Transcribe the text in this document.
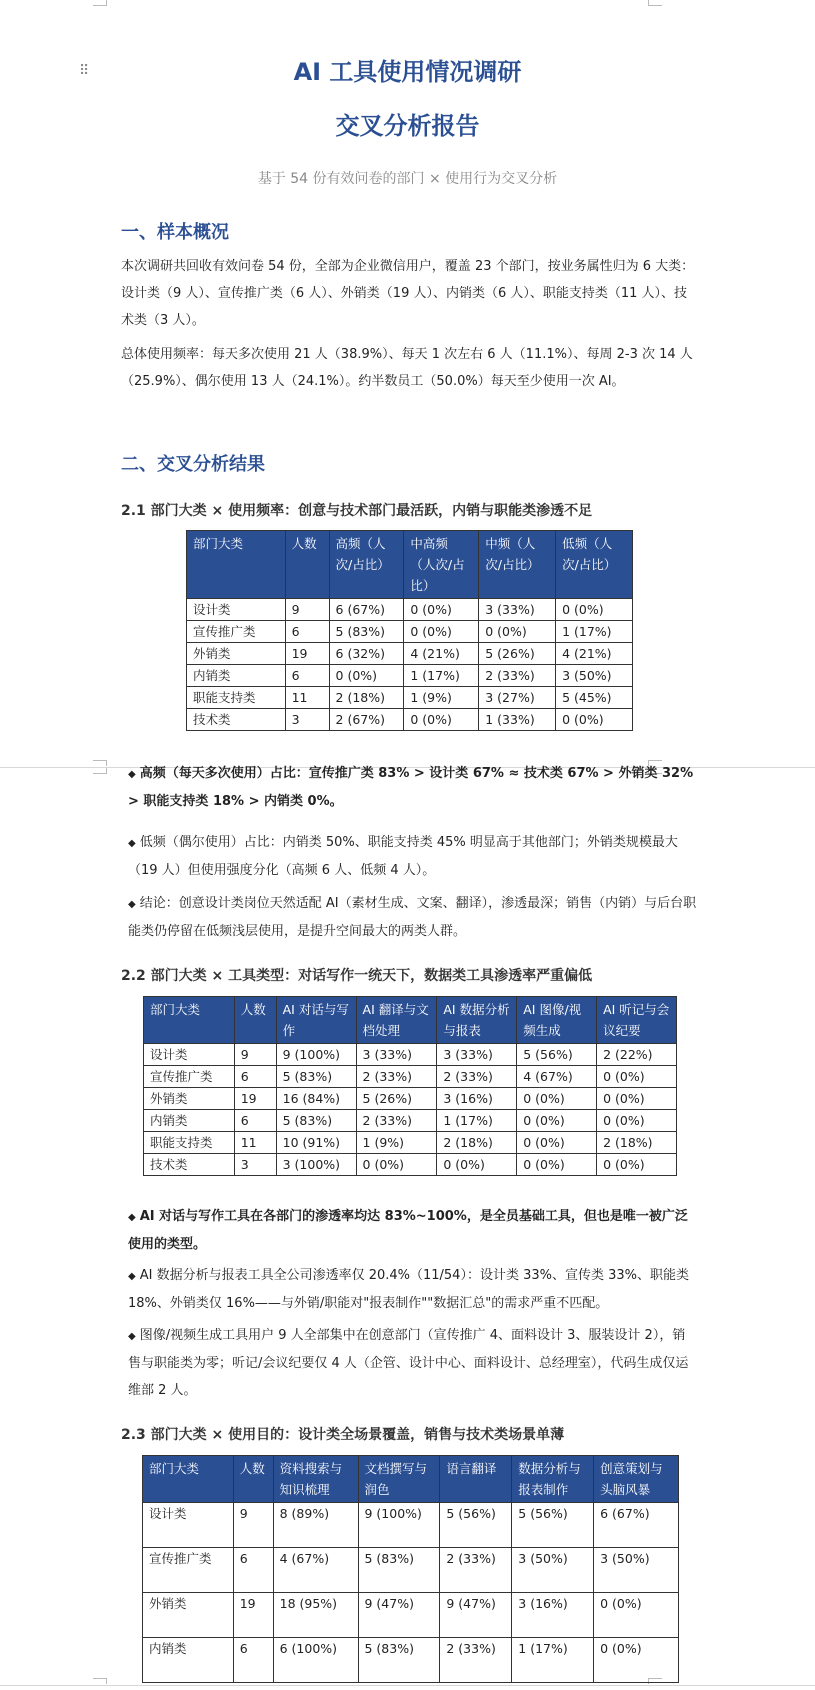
⠿	AI 工具使用情况调研
交叉分析报告
基于 54 份有效问卷的部门 × 使用行为交叉分析
一、样本概况
本次调研共回收有效问卷 54 份，全部为企业微信用户，覆盖 23 个部门，按业务属性归为 6 大类：设计类（9 人）、宣传推广类（6 人）、外销类（19 人）、内销类（6 人）、职能支持类（11 人）、技术类（3 人）。
总体使用频率：每天多次使用 21 人（38.9%）、每天 1 次左右 6 人（11.1%）、每周 2-3 次 14 人（25.9%）、偶尔使用 13 人（24.1%）。约半数员工（50.0%）每天至少使用一次 AI。
二、交叉分析结果
2.1 部门大类 × 使用频率：创意与技术部门最活跃，内销与职能类渗透不足
部门大类	人数	高频（人次/占比）	中高频（人次/占比）	中频（人次/占比）	低频（人次/占比）
设计类	9	6 (67%)	0 (0%)	3 (33%)	0 (0%)
宣传推广类	6	5 (83%)	0 (0%)	0 (0%)	1 (17%)
外销类	19	6 (32%)	4 (21%)	5 (26%)	4 (21%)
内销类	6	0 (0%)	1 (17%)	2 (33%)	3 (50%)
职能支持类	11	2 (18%)	1 (9%)	3 (27%)	5 (45%)
技术类	3	2 (67%)	0 (0%)	1 (33%)	0 (0%)
◆ 高频（每天多次使用）占比：宣传推广类 83% > 设计类 67% ≈ 技术类 67% > 外销类 32% > 职能支持类 18% > 内销类 0%。
◆ 低频（偶尔使用）占比：内销类 50%、职能支持类 45% 明显高于其他部门；外销类规模最大（19 人）但使用强度分化（高频 6 人、低频 4 人）。
◆ 结论：创意设计类岗位天然适配 AI（素材生成、文案、翻译），渗透最深；销售（内销）与后台职能类仍停留在低频浅层使用，是提升空间最大的两类人群。
2.2 部门大类 × 工具类型：对话写作一统天下，数据类工具渗透率严重偏低
部门大类	人数	AI 对话与写作	AI 翻译与文档处理	AI 数据分析与报表	AI 图像/视频生成	AI 听记与会议纪要
设计类	9	9 (100%)	3 (33%)	3 (33%)	5 (56%)	2 (22%)
宣传推广类	6	5 (83%)	2 (33%)	2 (33%)	4 (67%)	0 (0%)
外销类	19	16 (84%)	5 (26%)	3 (16%)	0 (0%)	0 (0%)
内销类	6	5 (83%)	2 (33%)	1 (17%)	0 (0%)	0 (0%)
职能支持类	11	10 (91%)	1 (9%)	2 (18%)	0 (0%)	2 (18%)
技术类	3	3 (100%)	0 (0%)	0 (0%)	0 (0%)	0 (0%)
◆ AI 对话与写作工具在各部门的渗透率均达 83%~100%，是全员基础工具，但也是唯一被广泛使用的类型。
◆ AI 数据分析与报表工具全公司渗透率仅 20.4%（11/54）：设计类 33%、宣传类 33%、职能类 18%、外销类仅 16%——与外销/职能对"报表制作""数据汇总"的需求严重不匹配。
◆ 图像/视频生成工具用户 9 人全部集中在创意部门（宣传推广 4、面料设计 3、服装设计 2），销售与职能类为零；听记/会议纪要仅 4 人（企管、设计中心、面料设计、总经理室），代码生成仅运维部 2 人。
2.3 部门大类 × 使用目的：设计类全场景覆盖，销售与技术类场景单薄
部门大类	人数	资料搜索与知识梳理	文档撰写与润色	语言翻译	数据分析与报表制作	创意策划与头脑风暴
设计类	9	8 (89%)	9 (100%)	5 (56%)	5 (56%)	6 (67%)
宣传推广类	6	4 (67%)	5 (83%)	2 (33%)	3 (50%)	3 (50%)
外销类	19	18 (95%)	9 (47%)	9 (47%)	3 (16%)	0 (0%)
内销类	6	6 (100%)	5 (83%)	2 (33%)	1 (17%)	0 (0%)
